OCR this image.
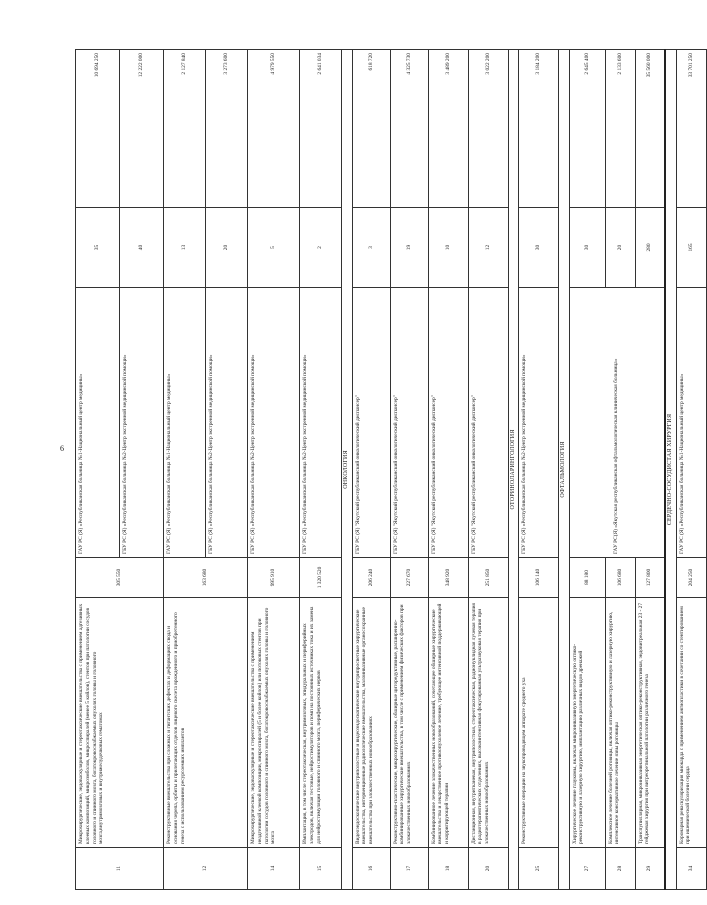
6
11	Микрохирургические, эндоваскулярные и стереотаксические вмешательства с применением адгезивных клеевых композиций, микроэмболов, микроспиралей (менее 5 койлов), стентов при патологии сосудов головного и спинного мозга, богатокровоснабжаемых опухолях головы и головного мозга,внутримозговых и внутрижелудочковых гематомах	305 550	ГАУ РС (Я) «Республиканская больница №1-Национальный центр медицины»	35	10 694 250
			ГБУ РС (Я) «Республиканская больница №2-Центр экстренной медицинской помощи»	40	12 222 000
12	Реконструктивные вмешательства при сложных и гигантских дефектах и деформациях свода и основания черепа, орбиты и прилегающих отделов лицевого скелета врожденного и приобретенного генеза с использованием ресурсоемких имплантов	163 680	ГАУ РС (Я) «Республиканская больница №1-Национальный центр медицины»	13	2 127 840
			ГБУ РС (Я) «Республиканская больница №2-Центр экстренной медицинской помощи»	20	3 273 600
14	Микрохирургические, эндоваскулярные и стереотаксические вмешательства с применением неадгезивной клеевой композиции, микроспиралей (5 и более койлов) или потоковых стентов при патологии сосудов головного и спинного мозга, богатокровоснабжаемых опухолях головы и головного мозга	995 910	ГБУ РС (Я) «Республиканская больница №2-Центр экстренной медицинской помощи»	5	4 979 550
15	Имплантация, в том числе стереотаксическая, внутримозговых, эпидуральных и периферийных электродов, включая тестовые, нейростимуляторов и помп на постоянных источниках тока и их замена для нейростимуляции головного и спинного мозга, периферических нервов	1 320 520	ГБУ РС (Я) «Республиканская больница №2-Центр экстренной медицинской помощи»	2	2 641 034
ОНКОЛОГИЯ					
16	Видеоэндоскопические внутриполостные и видеоэндоскопические внутрипросветные хирургические вмешательства, интервенционные радиологические вмешательства, малоинвазивные органосохранные вмешательства при злокачественных новообразованиях	206 240	ГБУ РС (Я) "Якутский республиканский онкологический диспансер"	3	618 720
17	Реконструктивно-пластические, микрохирургические, обширные циторедуктивные, расширенно-комбинированные хирургические вмешательства, в том числе с применением физических факторов при злокачественных новообразованиях	227 670	ГБУ РС (Я) "Якутский республиканский онкологический диспансер"	19	4 325 730
18	Комбинированное лечение злокачественных новообразований, сочетающее обширные хирургические вмешательства и лекарственное противоопухолевое лечение, требующее интенсивной поддерживающей и корригирующей терапии	348 920	ГБУ РС (Я) "Якутский республиканский онкологический диспансер"	10	3 489 200
20	Дистанционная, внутритканевая, внутриполостная, стереотаксическая, радионуклидная лучевая терапия в радиотерапевтических отделениях, высокоинтенсивная фокусированная ультразвуковая терапия при злокачественных новообразованиях	251 850	ГБУ РС (Я) "Якутский республиканский онкологический диспансер"	12	3 022 200
ОТОРИНОЛАРИНГОЛОГИЯ					
25	Реконструктивные операции на звукопроводящем аппарате среднего уха	106 140	ГБУ РС (Я) «Республиканская больница №2-Центр экстренной медицинской помощи»	30	3 184 200
ОФТАЛЬМОЛОГИЯ					
27	Хирургическое лечение глаукомы, включая микроинвазивную энергетическую оптико-реконструктивную и лазерную хирургию, имплантацию различных видов дренажей	88 180	ГАУ РС(Я) «Якутская республиканская офтальмологическая клиническая больница»	30	2 645 400
28	Комплексное лечение болезней роговицы, включая оптико-реконструктивную и лазерную хирургию, интенсивное консервативное лечение язвы роговицы	106 680		20	2 133 600
29	Транспупиллярная, микроинвазивная энергетическая оптико-реконструктивная, эндовитреальная 23 - 27 гейджевая хирургия при витреоретинальной патологии различного генеза	127 800		280	35 560 000
СЕРДЕЧНО-СОСУДИСТАЯ ХИРУРГИЯ					
34	Коронарная реваскуляризация миокарда с применением ангиопластики в сочетании со стентированием при ишемической болезни сердца	204 250	ГАУ РС (Я) «Республиканская больница №1-Национальный центр медицины»	165	33 701 250
